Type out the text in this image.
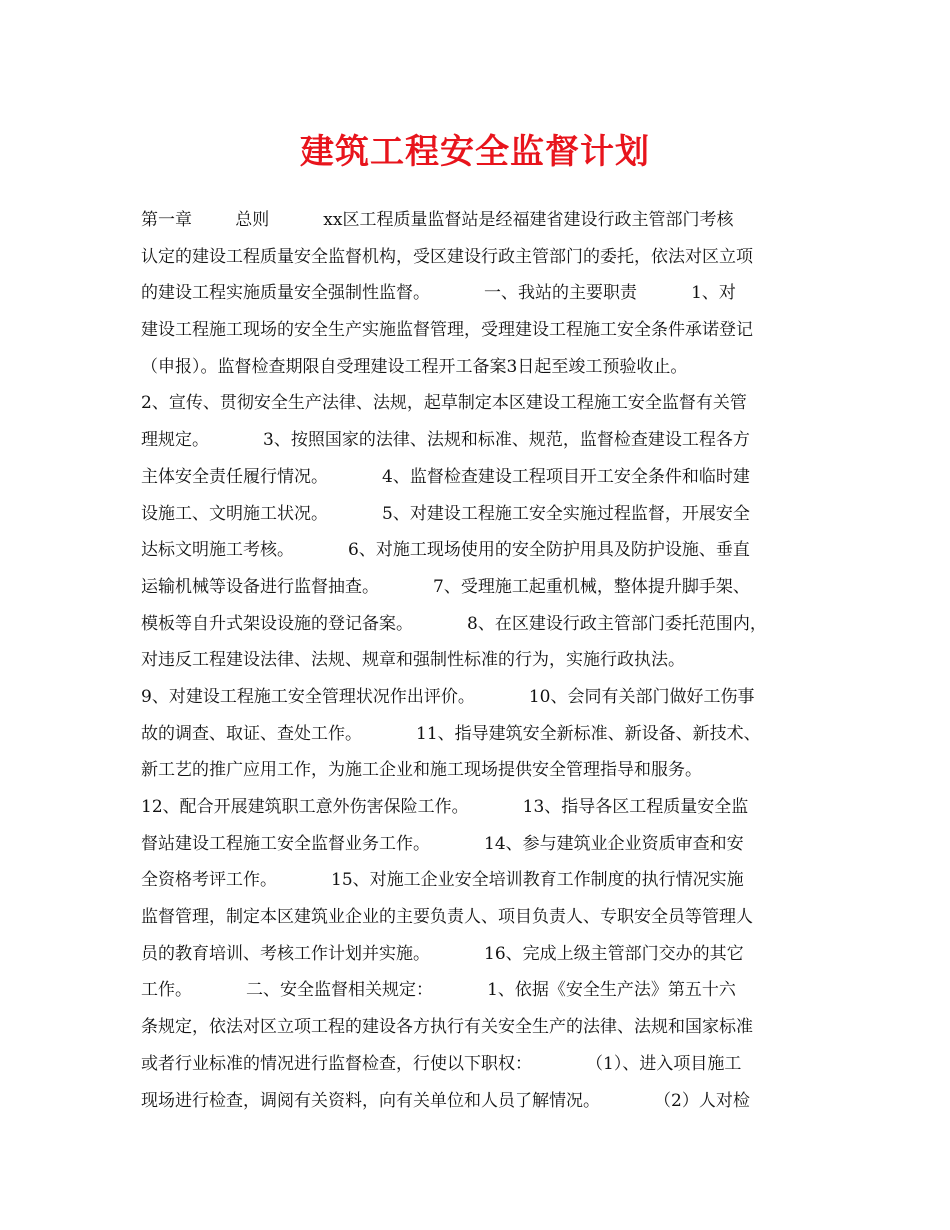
建筑工程安全监督计划
第一章        总则          xx区工程质量监督站是经福建省建设行政主管部门考核
认定的建设工程质量安全监督机构，受区建设行政主管部门的委托，依法对区立项
的建设工程实施质量安全强制性监督。          一、我站的主要职责          1、对
建设工程施工现场的安全生产实施监督管理，受理建设工程施工安全条件承诺登记
（申报）。监督检查期限自受理建设工程开工备案3日起至竣工预验收止。
2、宣传、贯彻安全生产法律、法规，起草制定本区建设工程施工安全监督有关管
理规定。          3、按照国家的法律、法规和标准、规范，监督检查建设工程各方
主体安全责任履行情况。          4、监督检查建设工程项目开工安全条件和临时建
设施工、文明施工状况。          5、对建设工程施工安全实施过程监督，开展安全
达标文明施工考核。          6、对施工现场使用的安全防护用具及防护设施、垂直
运输机械等设备进行监督抽查。          7、受理施工起重机械，整体提升脚手架、
模板等自升式架设设施的登记备案。          8、在区建设行政主管部门委托范围内，
对违反工程建设法律、法规、规章和强制性标准的行为，实施行政执法。
9、对建设工程施工安全管理状况作出评价。          10、会同有关部门做好工伤事
故的调查、取证、查处工作。          11、指导建筑安全新标准、新设备、新技术、
新工艺的推广应用工作，为施工企业和施工现场提供安全管理指导和服务。
12、配合开展建筑职工意外伤害保险工作。          13、指导各区工程质量安全监
督站建设工程施工安全监督业务工作。          14、参与建筑业企业资质审查和安
全资格考评工作。          15、对施工企业安全培训教育工作制度的执行情况实施
监督管理，制定本区建筑业企业的主要负责人、项目负责人、专职安全员等管理人
员的教育培训、考核工作计划并实施。          16、完成上级主管部门交办的其它
工作。          二、安全监督相关规定：          1、依据《安全生产法》第五十六
条规定，依法对区立项工程的建设各方执行有关安全生产的法律、法规和国家标准
或者行业标准的情况进行监督检查，行使以下职权：          （1）、进入项目施工
现场进行检查，调阅有关资料，向有关单位和人员了解情况。          （2）人对检
